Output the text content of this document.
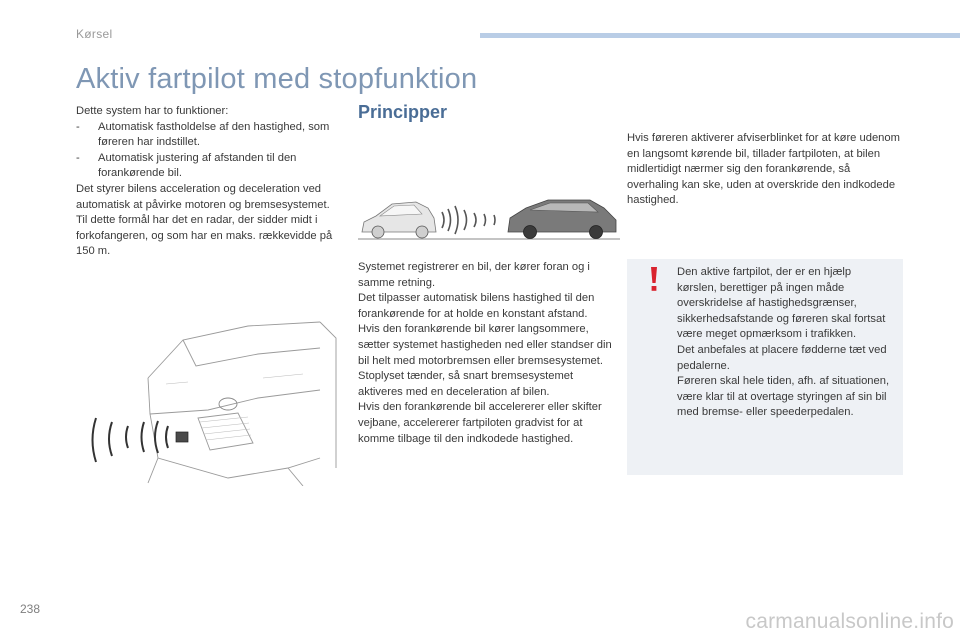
Kørsel
Aktiv fartpilot med stopfunktion

Dette system har to funktioner:

- Automatisk fastholdelse af den hastighed, som føreren har indstillet.

- Automatisk justering af afstanden til den forankørende bil.

Det styrer bilens acceleration og deceleration ved automatisk at påvirke motoren og bremsesystemet.

Til dette formål har det en radar, der sidder midt i forkofangeren, og som har en maks. rækkevidde på 150 m.

Principper

Systemet registrerer en bil, der kører foran og i samme retning.

Det tilpasser automatisk bilens hastighed til den forankørende for at holde en konstant afstand.

Hvis den forankørende bil kører langsommere, sætter systemet hastigheden ned eller standser din bil helt med motorbremsen eller bremsesystemet.

Stoplyset tænder, så snart bremsesystemet aktiveres med en deceleration af bilen.

Hvis den forankørende bil accelererer eller skifter vejbane, accelererer fartpiloten gradvist for at komme tilbage til den indkodede hastighed.

Hvis føreren aktiverer afviserblinket for at køre udenom en langsomt kørende bil, tillader fartpiloten, at bilen midlertidigt nærmer sig den forankørende, så overhaling kan ske, uden at overskride den indkodede hastighed.

Den aktive fartpilot, der er en hjælp kørslen, berettiger på ingen måde overskridelse af hastighedsgrænser, sikkerhedsafstande og føreren skal fortsat være meget opmærksom i trafikken.

Det anbefales at placere fødderne tæt ved pedalerne.

Føreren skal hele tiden, afh. af situationen, være klar til at overtage styringen af sin bil med bremse- eller speederpedalen.

238
carmanualsonline.info
